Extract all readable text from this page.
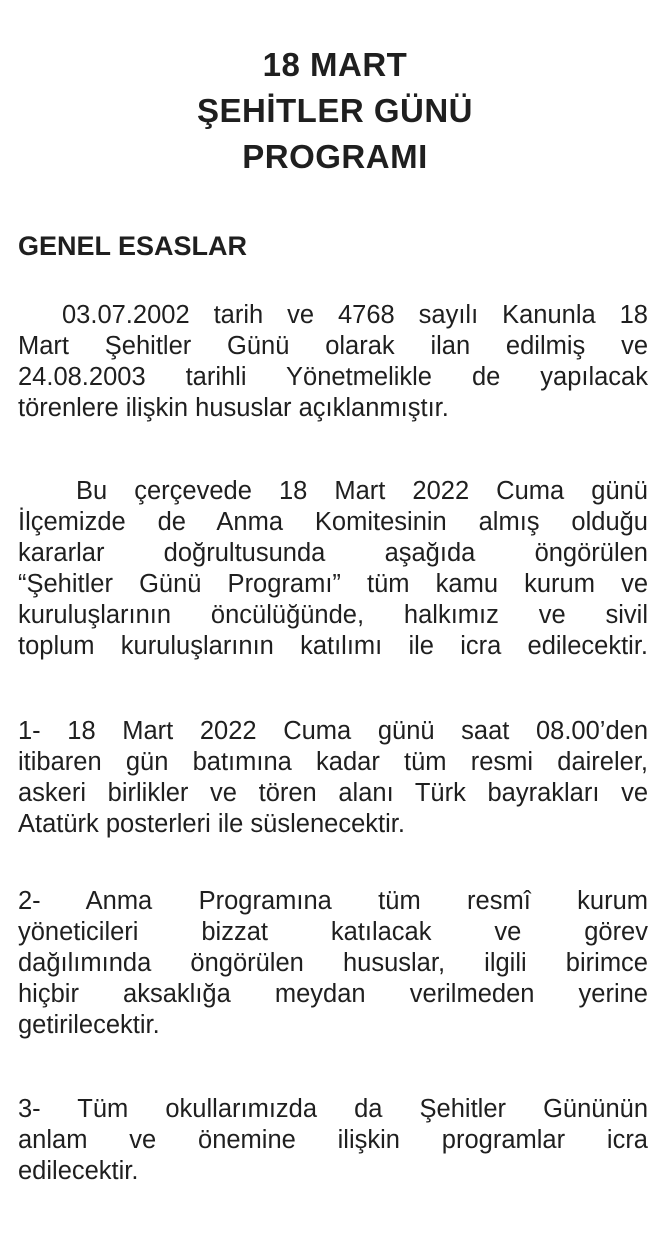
18 MART
ŞEHİTLER GÜNÜ
PROGRAMI
GENEL ESASLAR
03.07.2002 tarih ve 4768 sayılı Kanunla 18
Mart Şehitler Günü olarak ilan edilmiş ve
24.08.2003 tarihli Yönetmelikle de yapılacak
törenlere ilişkin hususlar açıklanmıştır.
Bu çerçevede 18 Mart 2022 Cuma günü
İlçemizde de Anma Komitesinin almış olduğu
kararlar doğrultusunda aşağıda öngörülen
“Şehitler Günü Programı” tüm kamu kurum ve
kuruluşlarının öncülüğünde, halkımız ve sivil
toplum kuruluşlarının katılımı ile icra edilecektir.
1- 18 Mart 2022 Cuma günü saat 08.00’den
itibaren gün batımına kadar tüm resmi daireler,
askeri birlikler ve tören alanı Türk bayrakları ve
Atatürk posterleri ile süslenecektir.
2- Anma Programına tüm resmî kurum
yöneticileri bizzat katılacak ve görev
dağılımında öngörülen hususlar, ilgili birimce
hiçbir aksaklığa meydan verilmeden yerine
getirilecektir.
3- Tüm okullarımızda da Şehitler Gününün
anlam ve önemine ilişkin programlar icra
edilecektir.
